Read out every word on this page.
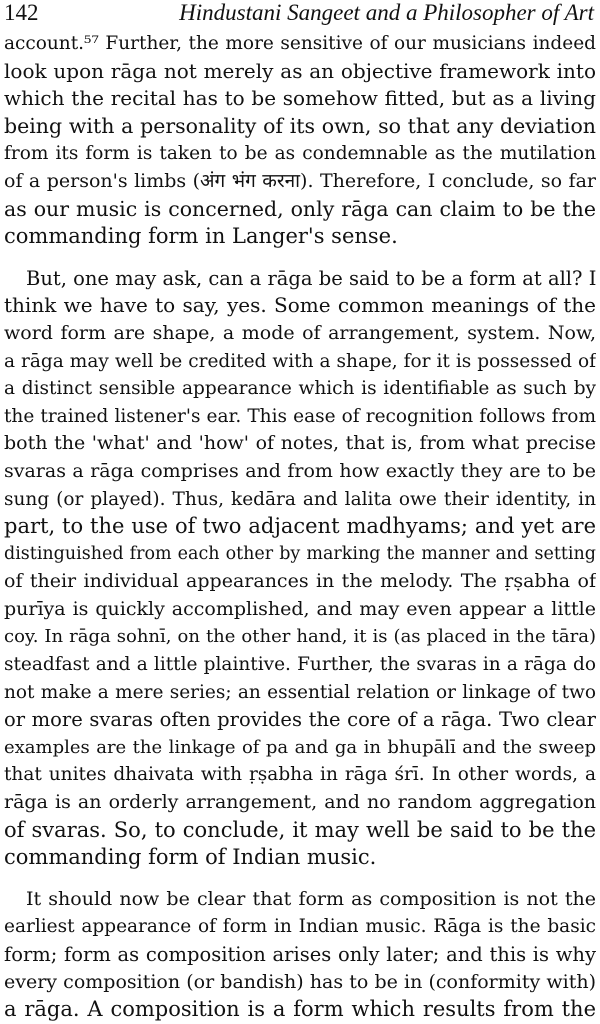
142	Hindustani Sangeet and a Philosopher of Art
account.⁵⁷ Further, the more sensitive of our musicians indeed
look upon rāga not merely as an objective framework into
which the recital has to be somehow fitted, but as a living
being with a personality of its own, so that any deviation
from its form is taken to be as condemnable as the mutilation
of a person's limbs (अंग भंग करना). Therefore, I conclude, so far
as our music is concerned, only rāga can claim to be the
commanding form in Langer's sense.
But, one may ask, can a rāga be said to be a form at all? I
think we have to say, yes. Some common meanings of the
word form are shape, a mode of arrangement, system. Now,
a rāga may well be credited with a shape, for it is possessed of
a distinct sensible appearance which is identifiable as such by
the trained listener's ear. This ease of recognition follows from
both the 'what' and 'how' of notes, that is, from what precise
svaras a rāga comprises and from how exactly they are to be
sung (or played). Thus, kedāra and lalita owe their identity, in
part, to the use of two adjacent madhyams; and yet are
distinguished from each other by marking the manner and setting
of their individual appearances in the melody. The ṛṣabha of
purīya is quickly accomplished, and may even appear a little
coy. In rāga sohnī, on the other hand, it is (as placed in the tāra)
steadfast and a little plaintive. Further, the svaras in a rāga do
not make a mere series; an essential relation or linkage of two
or more svaras often provides the core of a rāga. Two clear
examples are the linkage of pa and ga in bhupālī and the sweep
that unites dhaivata with ṛṣabha in rāga śrī. In other words, a
rāga is an orderly arrangement, and no random aggregation
of svaras. So, to conclude, it may well be said to be the
commanding form of Indian music.
It should now be clear that form as composition is not the
earliest appearance of form in Indian music. Rāga is the basic
form; form as composition arises only later; and this is why
every composition (or bandish) has to be in (conformity with)
a rāga. A composition is a form which results from the
